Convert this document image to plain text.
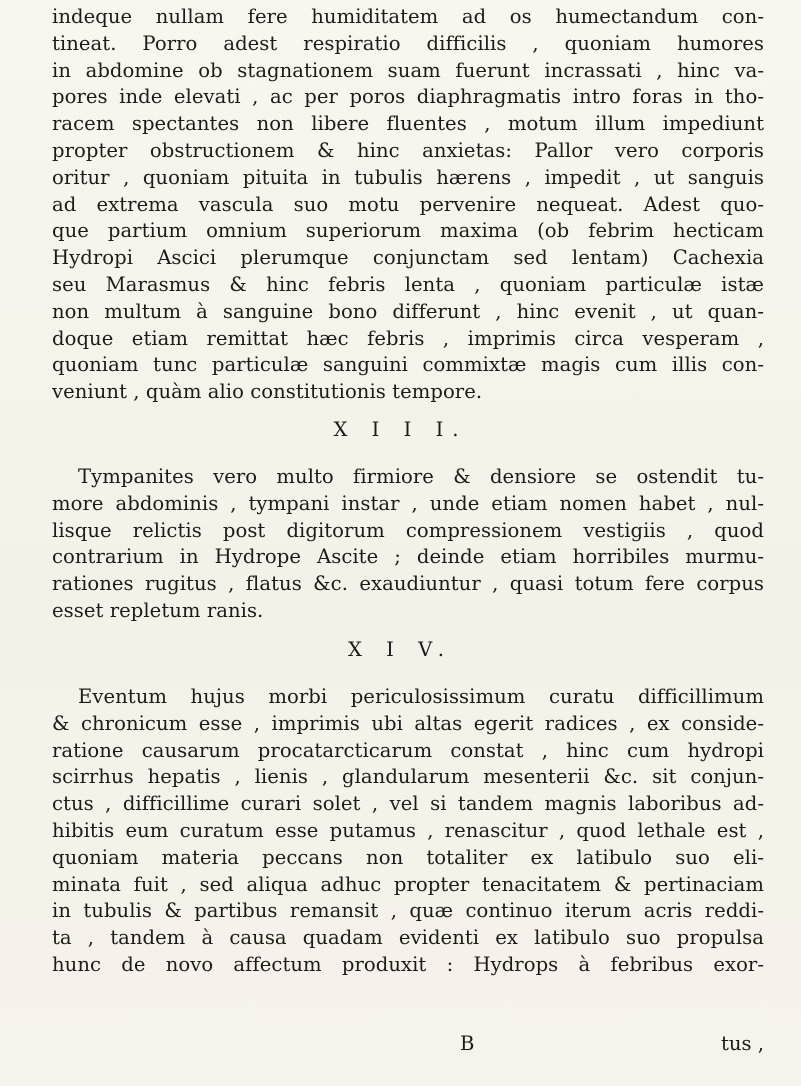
indeque nullam fere humiditatem ad os humectandum con-
tineat. Porro adest respiratio difficilis , quoniam humores
in abdomine ob stagnationem suam fuerunt incrassati , hinc va-
pores inde elevati , ac per poros diaphragmatis intro foras in tho-
racem spectantes non libere fluentes , motum illum impediunt
propter obstructionem & hinc anxietas: Pallor vero corporis
oritur , quoniam pituita in tubulis hærens , impedit , ut sanguis
ad extrema vascula suo motu pervenire nequeat. Adest quo-
que partium omnium superiorum maxima (ob febrim hecticam
Hydropi Ascici plerumque conjunctam sed lentam) Cachexia
seu Marasmus & hinc febris lenta , quoniam particulæ istæ
non multum à sanguine bono differunt , hinc evenit , ut quan-
doque etiam remittat hæc febris , imprimis circa vesperam ,
quoniam tunc particulæ sanguini commixtæ magis cum illis con-
veniunt , quàm alio constitutionis tempore.
X I I I.
Tympanites vero multo firmiore & densiore se ostendit tu-
more abdominis , tympani instar , unde etiam nomen habet , nul-
lisque relictis post digitorum compressionem vestigiis , quod
contrarium in Hydrope Ascite ; deinde etiam horribiles murmu-
rationes rugitus , flatus &c. exaudiuntur , quasi totum fere corpus
esset repletum ranis.
X I V.
Eventum hujus morbi periculosissimum curatu difficillimum
& chronicum esse , imprimis ubi altas egerit radices , ex conside-
ratione causarum procatarcticarum constat , hinc cum hydropi
scirrhus hepatis , lienis , glandularum mesenterii &c. sit conjun-
ctus , difficillime curari solet , vel si tandem magnis laboribus ad-
hibitis eum curatum esse putamus , renascitur , quod lethale est ,
quoniam materia peccans non totaliter ex latibulo suo eli-
minata fuit , sed aliqua adhuc propter tenacitatem & pertinaciam
in tubulis & partibus remansit , quæ continuo iterum acris reddi-
ta , tandem à causa quadam evidenti ex latibulo suo propulsa
hunc de novo affectum produxit : Hydrops à febribus exor-
B	tus ,
